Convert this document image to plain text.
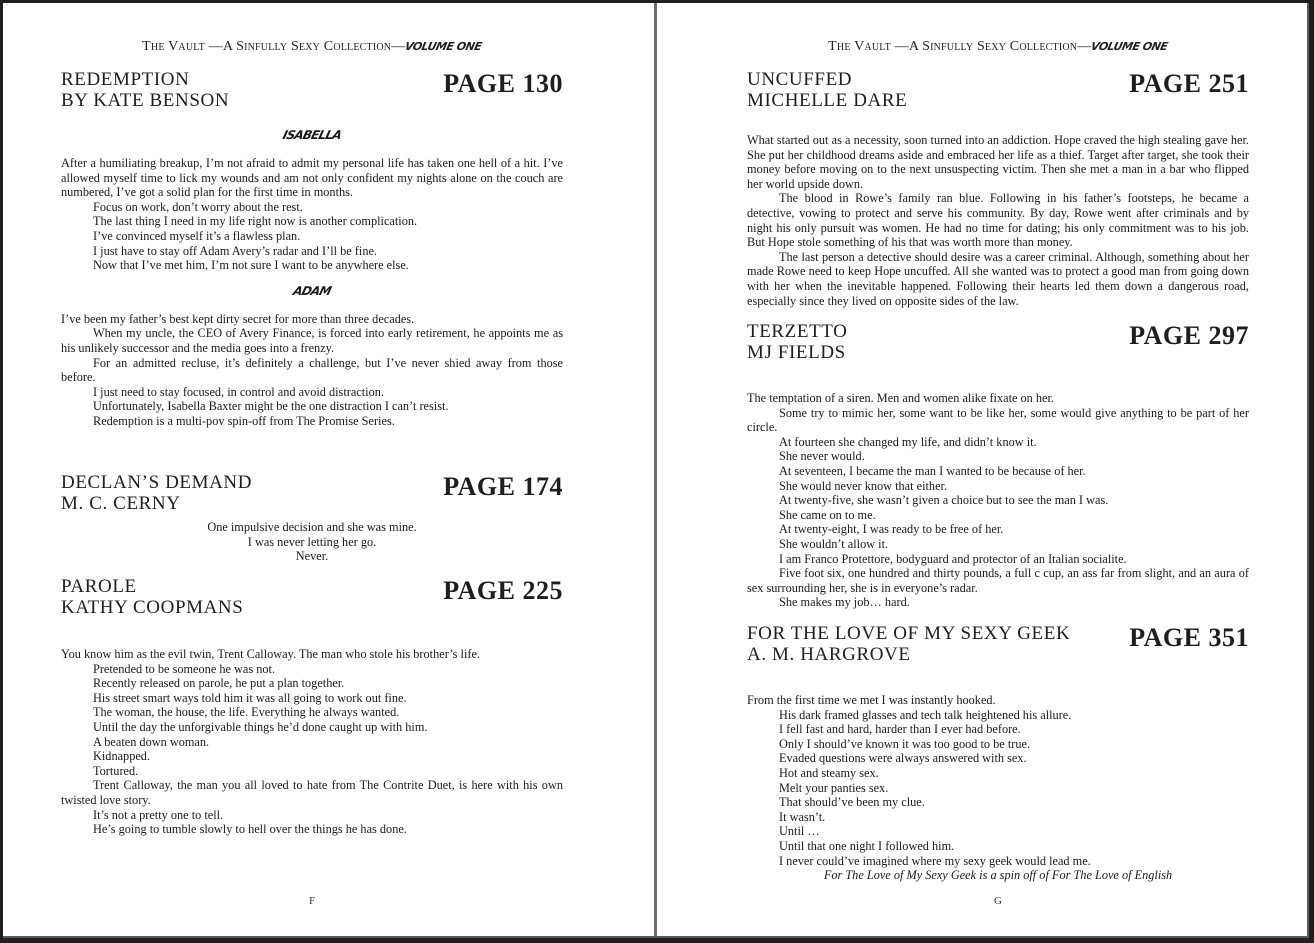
The Vault —A Sinfully Sexy Collection—VOLUME ONE
REDEMPTION
BY KATE BENSON
PAGE 130
ISABELLA

After a humiliating breakup, I’m not afraid to admit my personal life has taken one hell of a hit. I’ve allowed myself time to lick my wounds and am not only confident my nights alone on the couch are numbered, I’ve got a solid plan for the first time in months.

Focus on work, don’t worry about the rest.

The last thing I need in my life right now is another complication.

I’ve convinced myself it’s a flawless plan.

I just have to stay off Adam Avery’s radar and I’ll be fine.

Now that I’ve met him, I’m not sure I want to be anywhere else.

ADAM

I’ve been my father’s best kept dirty secret for more than three decades.

When my uncle, the CEO of Avery Finance, is forced into early retirement, he appoints me as his unlikely successor and the media goes into a frenzy.

For an admitted recluse, it’s definitely a challenge, but I’ve never shied away from those before.

I just need to stay focused, in control and avoid distraction.

Unfortunately, Isabella Baxter might be the one distraction I can’t resist.

Redemption is a multi-pov spin-off from The Promise Series.

DECLAN’S DEMAND
M. C. CERNY
PAGE 174

One impulsive decision and she was mine.

I was never letting her go.

Never.

PAROLE
KATHY COOPMANS
PAGE 225

You know him as the evil twin, Trent Calloway. The man who stole his brother’s life.

Pretended to be someone he was not.

Recently released on parole, he put a plan together.

His street smart ways told him it was all going to work out fine.

The woman, the house, the life. Everything he always wanted.

Until the day the unforgivable things he’d done caught up with him.

A beaten down woman.

Kidnapped.

Tortured.

Trent Calloway, the man you all loved to hate from The Contrite Duet, is here with his own twisted love story.

It’s not a pretty one to tell.

He’s going to tumble slowly to hell over the things he has done.

F
The Vault —A Sinfully Sexy Collection—VOLUME ONE
UNCUFFED
MICHELLE DARE
PAGE 251

What started out as a necessity, soon turned into an addiction. Hope craved the high stealing gave her. She put her childhood dreams aside and embraced her life as a thief. Target after target, she took their money before moving on to the next unsuspecting victim. Then she met a man in a bar who flipped her world upside down.

The blood in Rowe’s family ran blue. Following in his father’s footsteps, he became a detective, vowing to protect and serve his community. By day, Rowe went after criminals and by night his only pursuit was women. He had no time for dating; his only commitment was to his job. But Hope stole something of his that was worth more than money.

The last person a detective should desire was a career criminal. Although, something about her made Rowe need to keep Hope uncuffed. All she wanted was to protect a good man from going down with her when the inevitable happened. Following their hearts led them down a dangerous road, especially since they lived on opposite sides of the law.

TERZETTO
MJ FIELDS
PAGE 297

The temptation of a siren. Men and women alike fixate on her.

Some try to mimic her, some want to be like her, some would give anything to be part of her circle.

At fourteen she changed my life, and didn’t know it.

She never would.

At seventeen, I became the man I wanted to be because of her.

She would never know that either.

At twenty-five, she wasn’t given a choice but to see the man I was.

She came on to me.

At twenty-eight, I was ready to be free of her.

She wouldn’t allow it.

I am Franco Protettore, bodyguard and protector of an Italian socialite.

Five foot six, one hundred and thirty pounds, a full c cup, an ass far from slight, and an aura of sex surrounding her, she is in everyone’s radar.

She makes my job… hard.

FOR THE LOVE OF MY SEXY GEEK
A. M. HARGROVE
PAGE 351

From the first time we met I was instantly hooked.

His dark framed glasses and tech talk heightened his allure.

I fell fast and hard, harder than I ever had before.

Only I should’ve known it was too good to be true.

Evaded questions were always answered with sex.

Hot and steamy sex.

Melt your panties sex.

That should’ve been my clue.

It wasn’t.

Until …

Until that one night I followed him.

I never could’ve imagined where my sexy geek would lead me.

For The Love of My Sexy Geek is a spin off of For The Love of English
G
